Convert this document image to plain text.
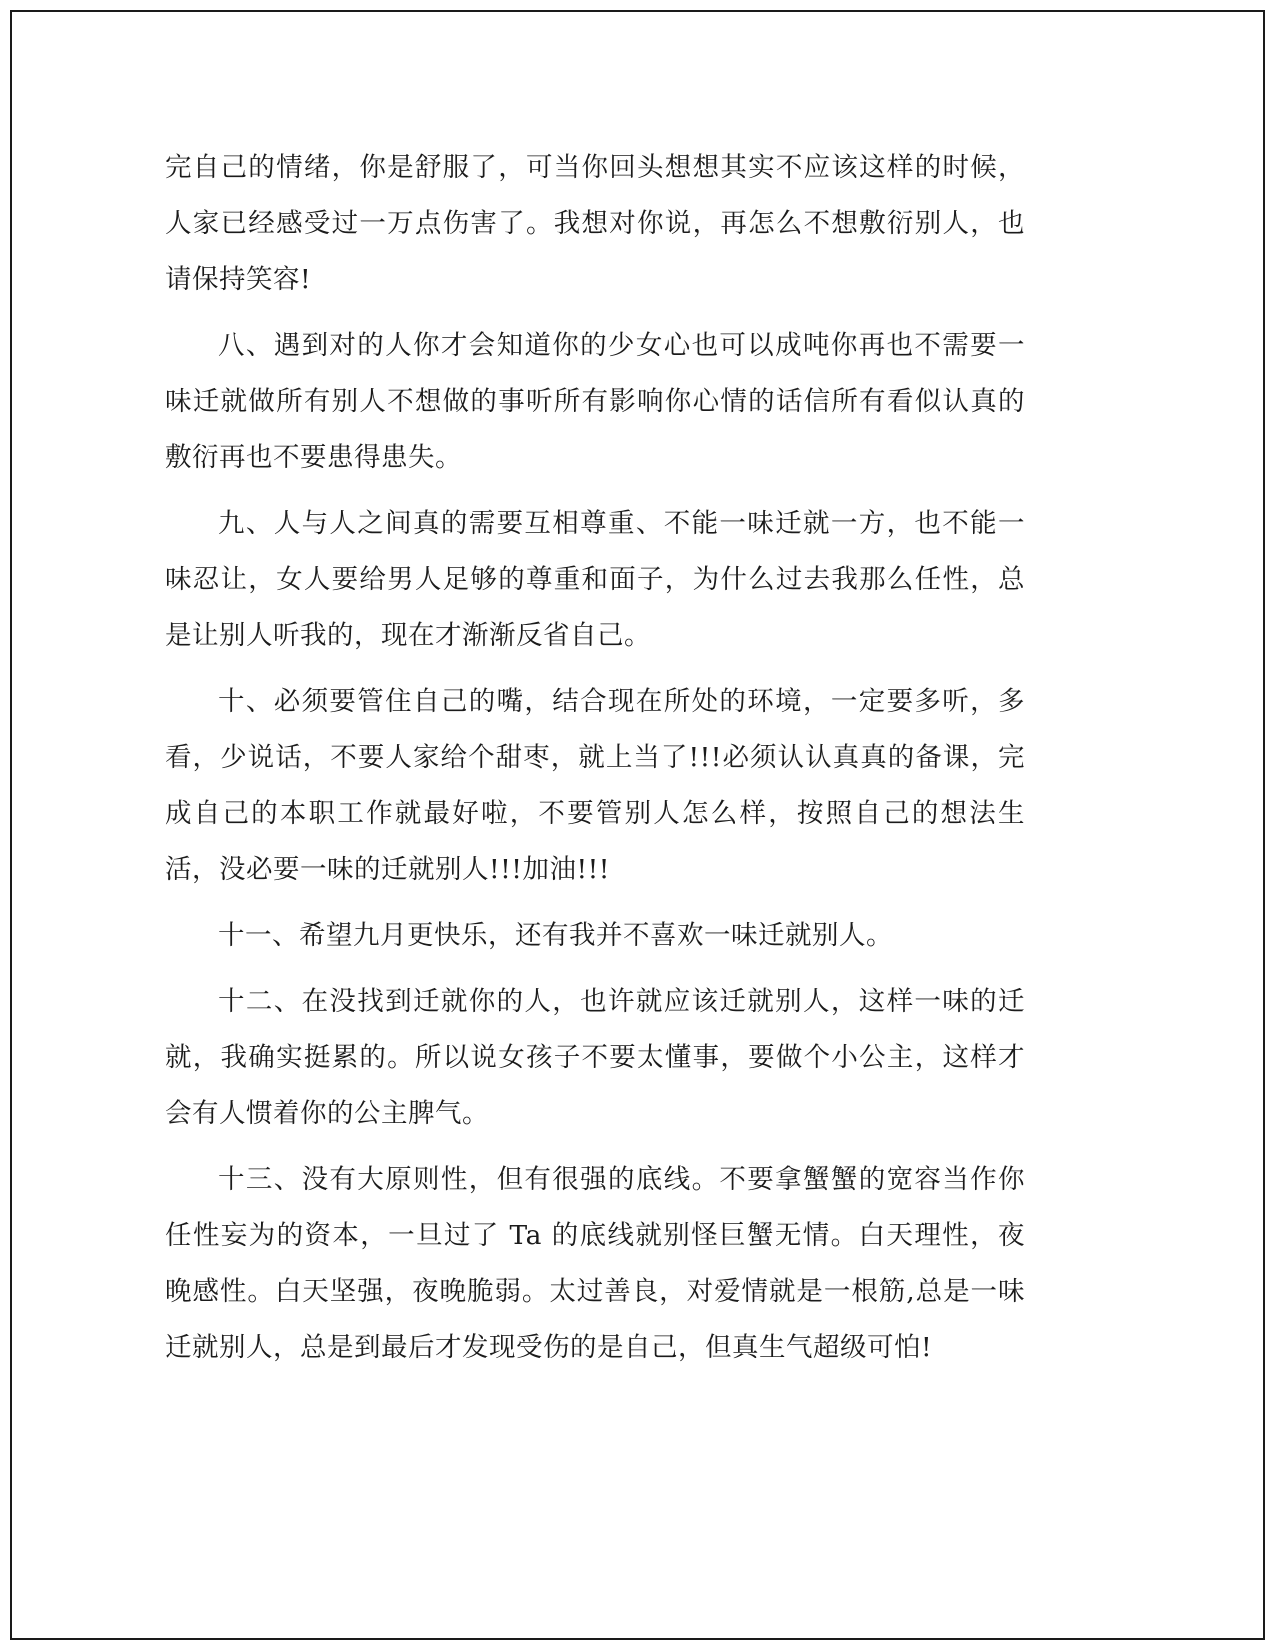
完自己的情绪，你是舒服了，可当你回头想想其实不应该这样的时候，人家已经感受过一万点伤害了。我想对你说，再怎么不想敷衍别人，也请保持笑容!

八、遇到对的人你才会知道你的少女心也可以成吨你再也不需要一味迁就做所有别人不想做的事听所有影响你心情的话信所有看似认真的敷衍再也不要患得患失。

九、人与人之间真的需要互相尊重、不能一味迁就一方，也不能一味忍让，女人要给男人足够的尊重和面子，为什么过去我那么任性，总是让别人听我的，现在才渐渐反省自己。

十、必须要管住自己的嘴，结合现在所处的环境，一定要多听，多看，少说话，不要人家给个甜枣，就上当了!!!必须认认真真的备课，完成自己的本职工作就最好啦，不要管别人怎么样，按照自己的想法生活，没必要一味的迁就别人!!!加油!!!

十一、希望九月更快乐，还有我并不喜欢一味迁就别人。

十二、在没找到迁就你的人，也许就应该迁就别人，这样一味的迁就，我确实挺累的。所以说女孩子不要太懂事，要做个小公主，这样才会有人惯着你的公主脾气。

十三、没有大原则性，但有很强的底线。不要拿蟹蟹的宽容当作你任性妄为的资本，一旦过了 Ta 的底线就别怪巨蟹无情。白天理性，夜晚感性。白天坚强，夜晚脆弱。太过善良，对爱情就是一根筋,总是一味迁就别人，总是到最后才发现受伤的是自己，但真生气超级可怕!
